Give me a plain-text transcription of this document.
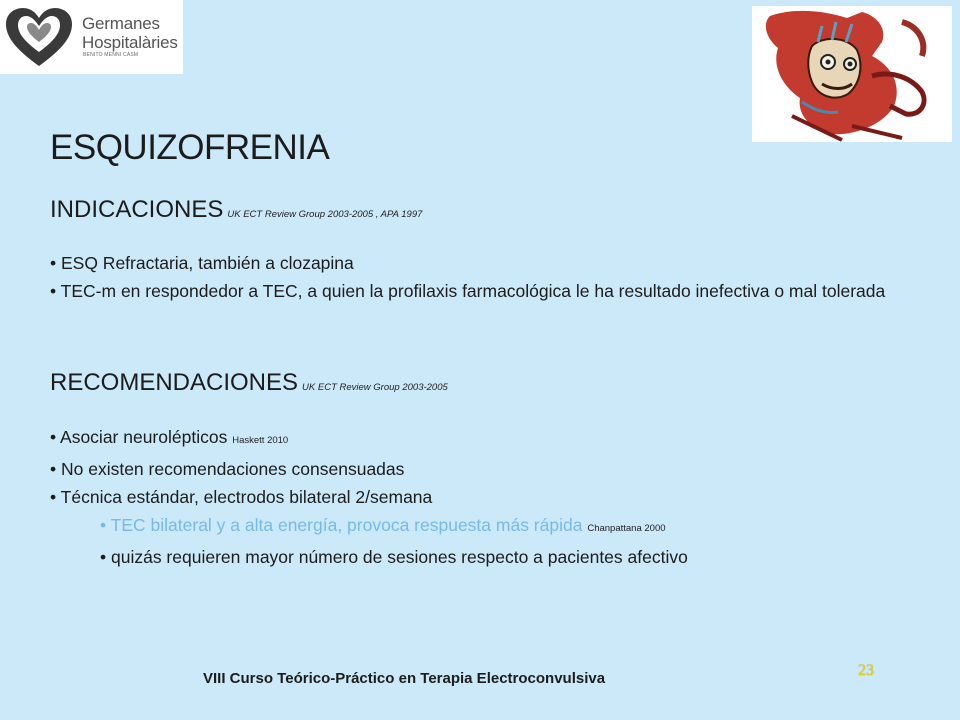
Germanes
Hospitalàries
BENITO MENNI CASM
ESQUIZOFRENIA
INDICACIONES UK ECT Review Group 2003-2005 , APA 1997
• ESQ Refractaria, también a clozapina
• TEC-m en respondedor a TEC, a quien la profilaxis farmacológica le ha resultado inefectiva o mal tolerada
RECOMENDACIONES UK ECT Review Group 2003-2005
• Asociar neurolépticos Haskett 2010
• No existen recomendaciones consensuadas
• Técnica estándar, electrodos bilateral 2/semana
• TEC bilateral y a alta energía, provoca respuesta más rápida Chanpattana 2000
• quizás requieren mayor número de sesiones respecto a pacientes afectivo
VIII Curso Teórico-Práctico en Terapia Electroconvulsiva	23
